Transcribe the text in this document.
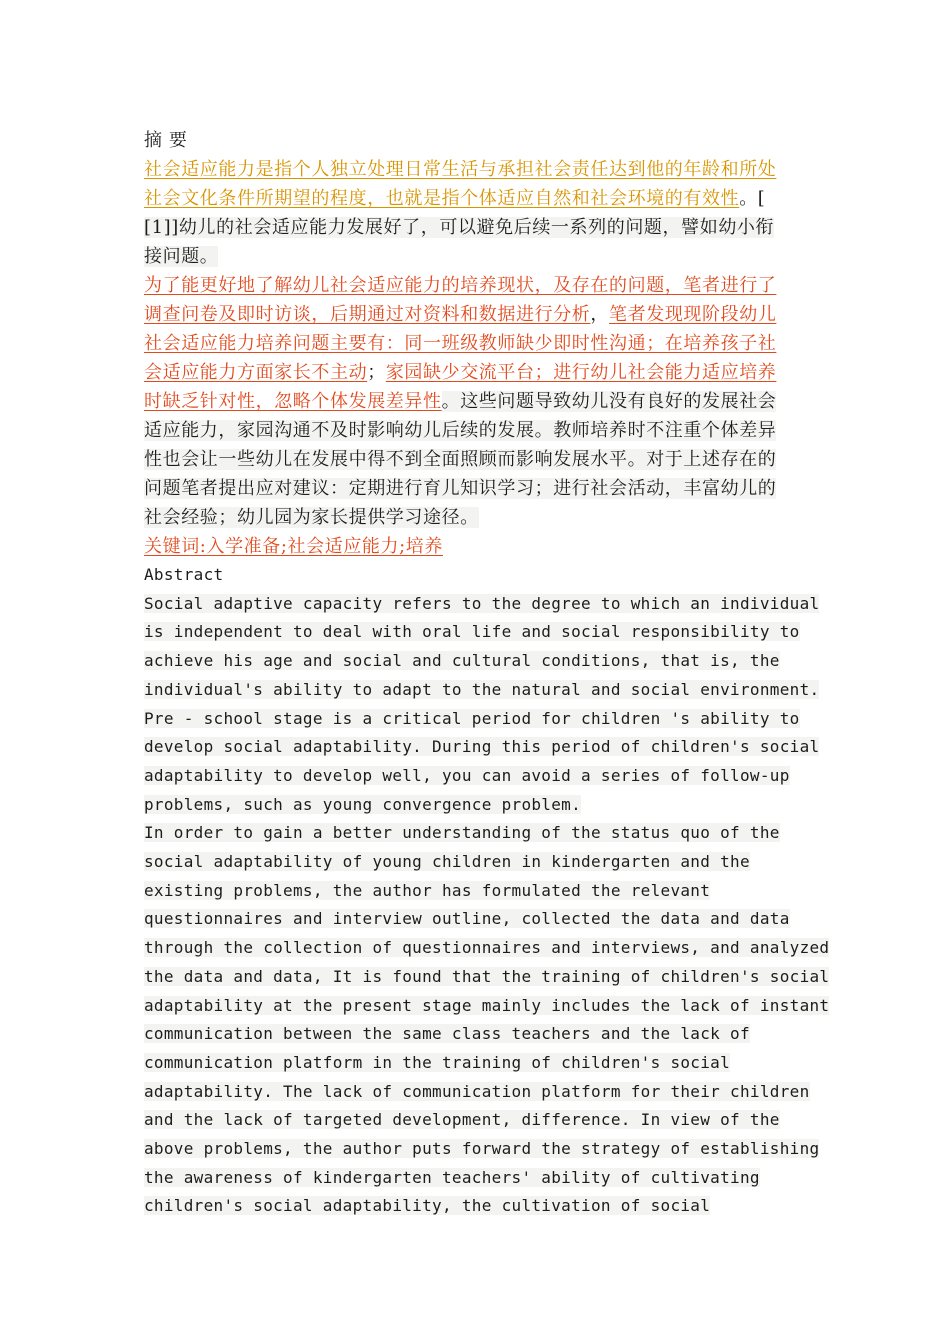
摘 要
社会适应能力是指个人独立处理日常生活与承担社会责任达到他的年龄和所处
社会文化条件所期望的程度，也就是指个体适应自然和社会环境的有效性。[
[1]]幼儿的社会适应能力发展好了，可以避免后续一系列的问题，譬如幼小衔
接问题。
为了能更好地了解幼儿社会适应能力的培养现状，及存在的问题，笔者进行了
调查问卷及即时访谈，后期通过对资料和数据进行分析，笔者发现现阶段幼儿
社会适应能力培养问题主要有：同一班级教师缺少即时性沟通；在培养孩子社
会适应能力方面家长不主动；家园缺少交流平台；进行幼儿社会能力适应培养
时缺乏针对性，忽略个体发展差异性。这些问题导致幼儿没有良好的发展社会
适应能力，家园沟通不及时影响幼儿后续的发展。教师培养时不注重个体差异
性也会让一些幼儿在发展中得不到全面照顾而影响发展水平。对于上述存在的
问题笔者提出应对建议：定期进行育儿知识学习；进行社会活动，丰富幼儿的
社会经验；幼儿园为家长提供学习途径。
关键词:入学准备;社会适应能力;培养
Abstract
Social adaptive capacity refers to the degree to which an individual
is independent to deal with oral life and social responsibility to
achieve his age and social and cultural conditions, that is, the
individual's ability to adapt to the natural and social environment.
Pre - school stage is a critical period for children 's ability to
develop social adaptability. During this period of children's social
adaptability to develop well, you can avoid a series of follow-up
problems, such as young convergence problem.
In order to gain a better understanding of the status quo of the
social adaptability of young children in kindergarten and the
existing problems, the author has formulated the relevant
questionnaires and interview outline, collected the data and data
through the collection of questionnaires and interviews, and analyzed
the data and data, It is found that the training of children's social
adaptability at the present stage mainly includes the lack of instant
communication between the same class teachers and the lack of
communication platform in the training of children's social
adaptability. The lack of communication platform for their children
and the lack of targeted development, difference. In view of the
above problems, the author puts forward the strategy of establishing
the awareness of kindergarten teachers' ability of cultivating
children's social adaptability, the cultivation of social
